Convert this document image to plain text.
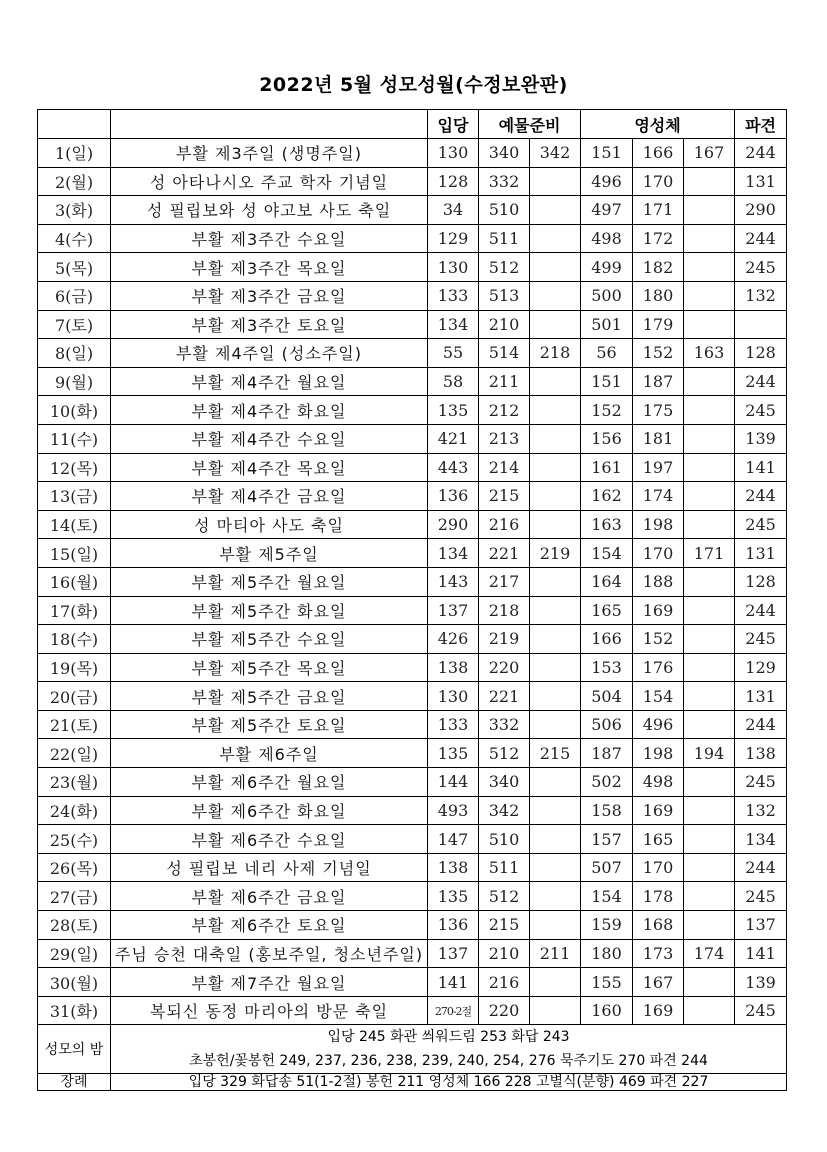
2022년 5월 성모성월(수정보완판)
		입당	예물준비		영성체			파견
1(일)	부활 제3주일 (생명주일)	130	340	342	151	166	167	244
2(월)	성 아타나시오 주교 학자 기념일	128	332		496	170		131
3(화)	성 필립보와 성 야고보 사도 축일	34	510		497	171		290
4(수)	부활 제3주간 수요일	129	511		498	172		244
5(목)	부활 제3주간 목요일	130	512		499	182		245
6(금)	부활 제3주간 금요일	133	513		500	180		132
7(토)	부활 제3주간 토요일	134	210		501	179		
8(일)	부활 제4주일 (성소주일)	55	514	218	56	152	163	128
9(월)	부활 제4주간 월요일	58	211		151	187		244
10(화)	부활 제4주간 화요일	135	212		152	175		245
11(수)	부활 제4주간 수요일	421	213		156	181		139
12(목)	부활 제4주간 목요일	443	214		161	197		141
13(금)	부활 제4주간 금요일	136	215		162	174		244
14(토)	성 마티아 사도 축일	290	216		163	198		245
15(일)	부활 제5주일	134	221	219	154	170	171	131
16(월)	부활 제5주간 월요일	143	217		164	188		128
17(화)	부활 제5주간 화요일	137	218		165	169		244
18(수)	부활 제5주간 수요일	426	219		166	152		245
19(목)	부활 제5주간 목요일	138	220		153	176		129
20(금)	부활 제5주간 금요일	130	221		504	154		131
21(토)	부활 제5주간 토요일	133	332		506	496		244
22(일)	부활 제6주일	135	512	215	187	198	194	138
23(월)	부활 제6주간 월요일	144	340		502	498		245
24(화)	부활 제6주간 화요일	493	342		158	169		132
25(수)	부활 제6주간 수요일	147	510		157	165		134
26(목)	성 필립보 네리 사제 기념일	138	511		507	170		244
27(금)	부활 제6주간 금요일	135	512		154	178		245
28(토)	부활 제6주간 토요일	136	215		159	168		137
29(일)	주님 승천 대축일 (홍보주일, 청소년주일)	137	210	211	180	173	174	141
30(월)	부활 제7주간 월요일	141	216		155	167		139
31(화)	복되신 동정 마리아의 방문 축일	270-2절	220		160	169		245
성모의 밤	입당 245 화관 씌워드림 253 화답 243
초봉헌/꽃봉헌 249, 237, 236, 238, 239, 240, 254, 276 묵주기도 270 파견 244							

장례	입당 329 화답송 51(1-2절) 봉헌 211 영성체 166 228 고별식(분향) 469 파견 227							
